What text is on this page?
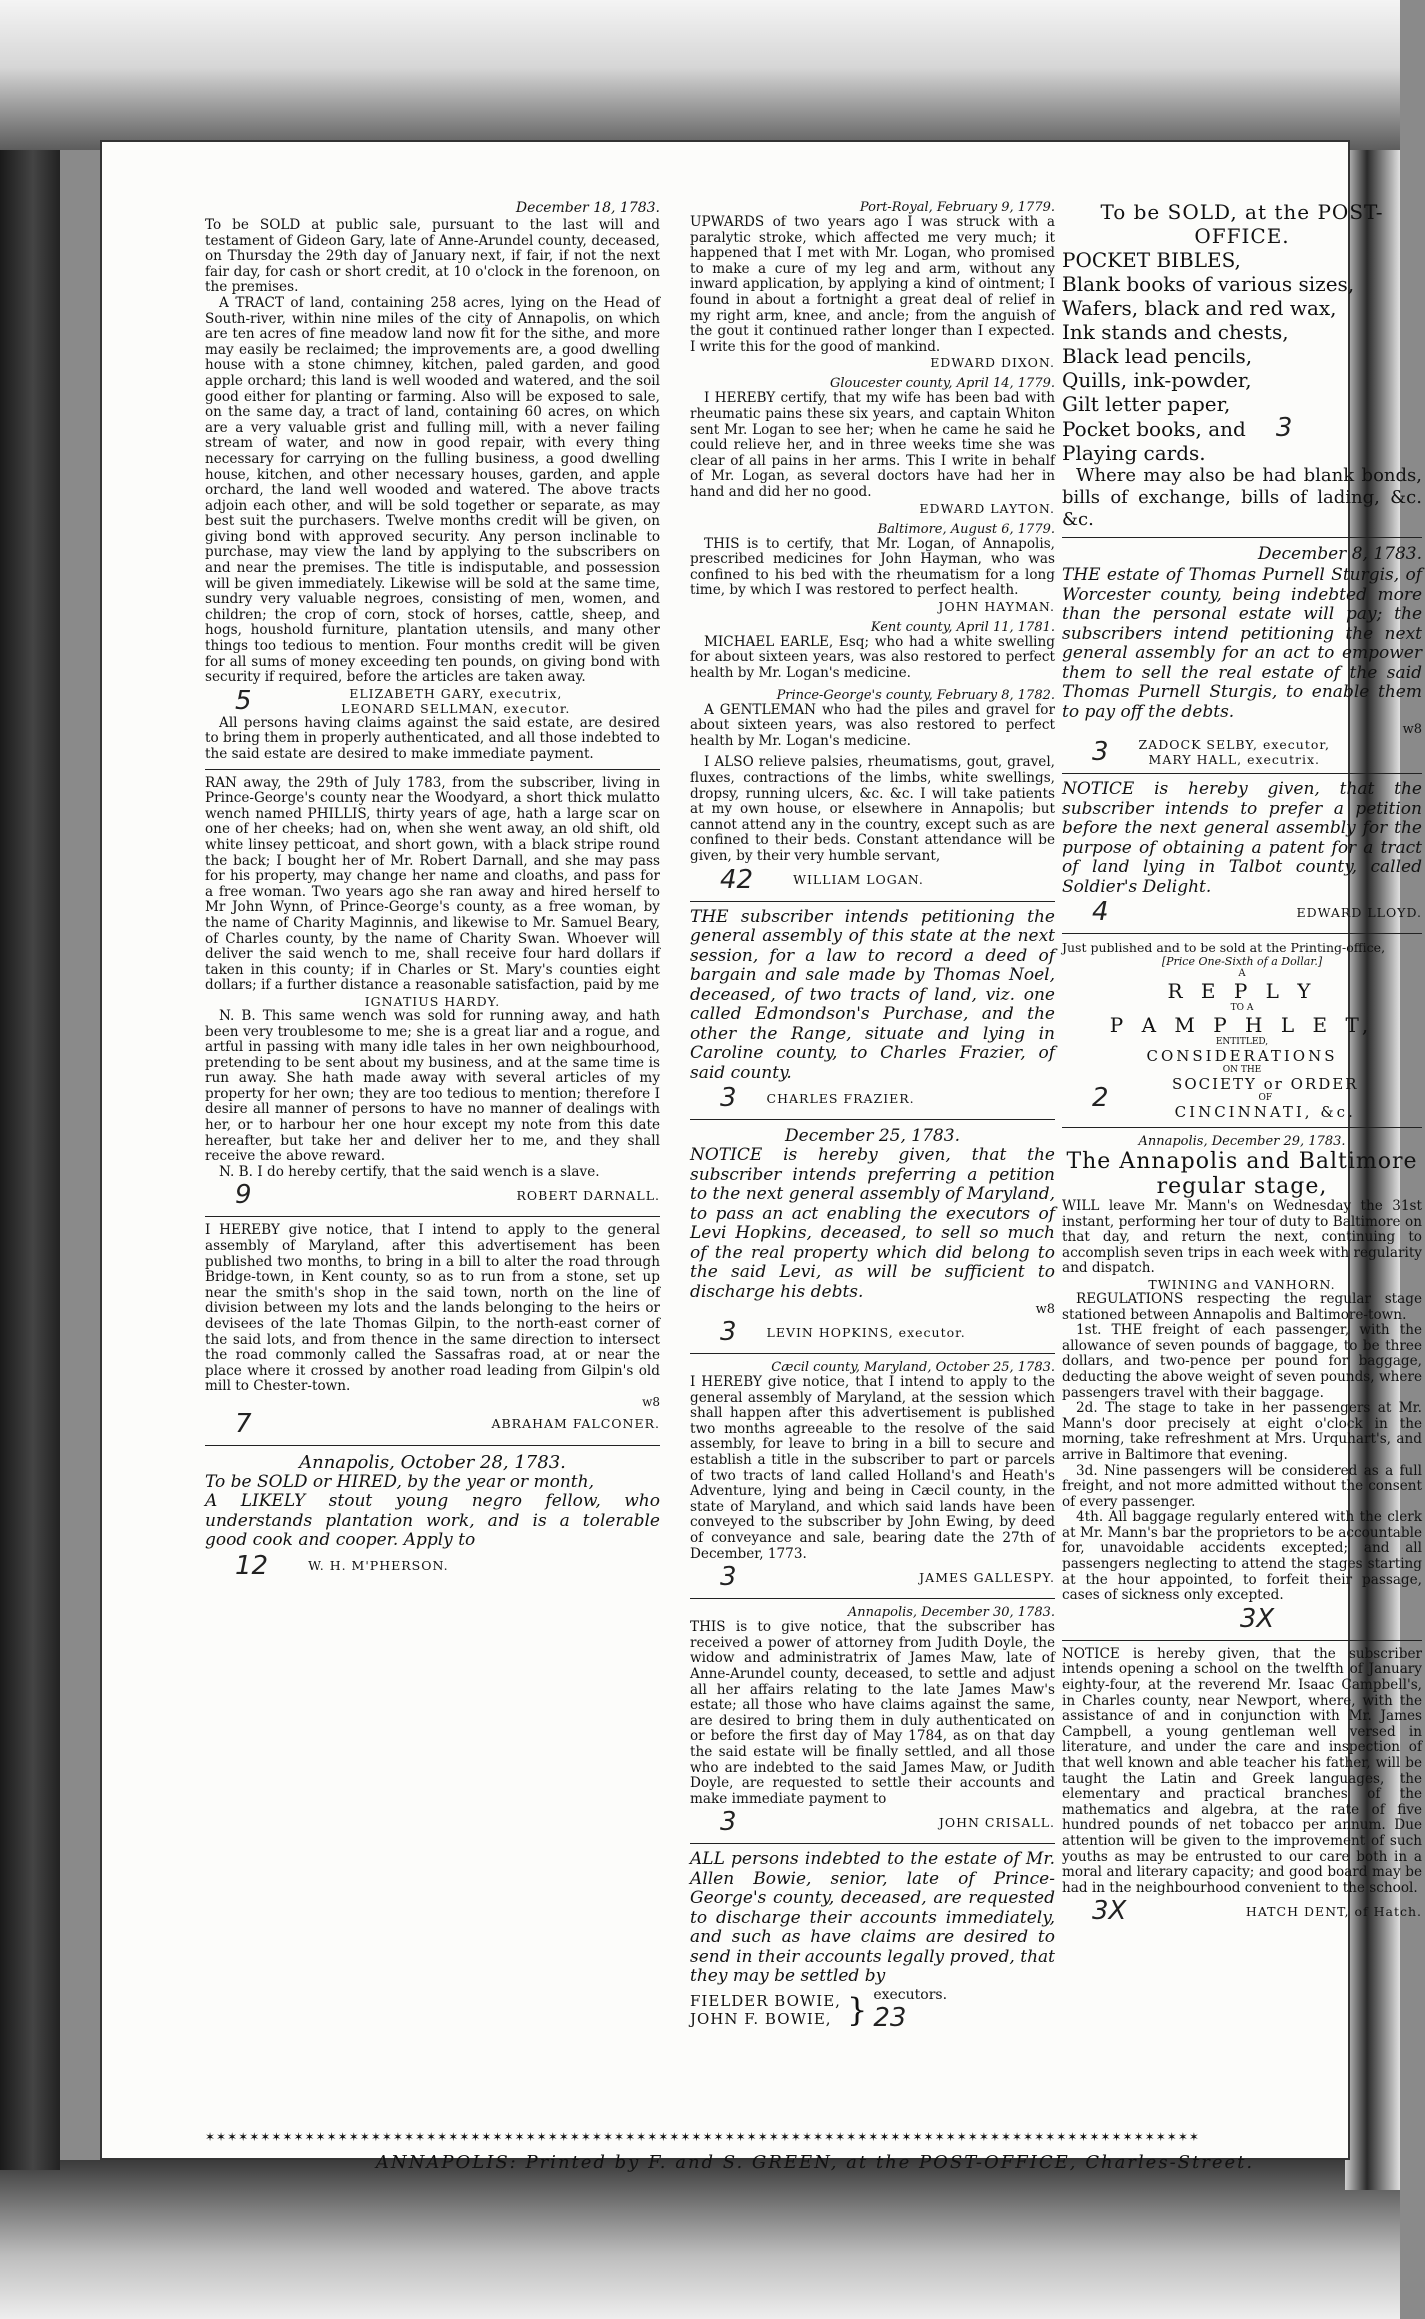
December 18, 1783.

To be SOLD at public sale, pursuant to the last will and testament of Gideon Gary, late of Anne-Arundel county, deceased, on Thursday the 29th day of January next, if fair, if not the next fair day, for cash or short credit, at 10 o'clock in the forenoon, on the premises.

A TRACT of land, containing 258 acres, lying on the Head of South-river, within nine miles of the city of Annapolis, on which are ten acres of fine meadow land now fit for the sithe, and more may easily be reclaimed; the improvements are, a good dwelling house with a stone chimney, kitchen, paled garden, and good apple orchard; this land is well wooded and watered, and the soil good either for planting or farming. Also will be exposed to sale, on the same day, a tract of land, containing 60 acres, on which are a very valuable grist and fulling mill, with a never failing stream of water, and now in good repair, with every thing necessary for carrying on the fulling business, a good dwelling house, kitchen, and other necessary houses, garden, and apple orchard, the land well wooded and watered. The above tracts adjoin each other, and will be sold together or separate, as may best suit the purchasers. Twelve months credit will be given, on giving bond with approved security. Any person inclinable to purchase, may view the land by applying to the subscribers on and near the premises. The title is indisputable, and possession will be given immediately. Likewise will be sold at the same time, sundry very valuable negroes, consisting of men, women, and children; the crop of corn, stock of horses, cattle, sheep, and hogs, houshold furniture, plantation utensils, and many other things too tedious to mention. Four months credit will be given for all sums of money exceeding ten pounds, on giving bond with security if required, before the articles are taken away.

5	ELIZABETH GARY, executrix,
LEONARD SELLMAN, executor.

All persons having claims against the said estate, are desired to bring them in properly authenticated, and all those indebted to the said estate are desired to make immediate payment.

RAN away, the 29th of July 1783, from the subscriber, living in Prince-George's county near the Woodyard, a short thick mulatto wench named PHILLIS, thirty years of age, hath a large scar on one of her cheeks; had on, when she went away, an old shift, old white linsey petticoat, and short gown, with a black stripe round the back; I bought her of Mr. Robert Darnall, and she may pass for his property, may change her name and cloaths, and pass for a free woman. Two years ago she ran away and hired herself to Mr John Wynn, of Prince-George's county, as a free woman, by the name of Charity Maginnis, and likewise to Mr. Samuel Beary, of Charles county, by the name of Charity Swan. Whoever will deliver the said wench to me, shall receive four hard dollars if taken in this county; if in Charles or St. Mary's counties eight dollars; if a further distance a reasonable satisfaction, paid by me

IGNATIUS HARDY.

N. B. This same wench was sold for running away, and hath been very troublesome to me; she is a great liar and a rogue, and artful in passing with many idle tales in her own neighbourhood, pretending to be sent about my business, and at the same time is run away. She hath made away with several articles of my property for her own; they are too tedious to mention; therefore I desire all manner of persons to have no manner of dealings with her, or to harbour her one hour except my note from this date hereafter, but take her and deliver her to me, and they shall receive the above reward.

N. B. I do hereby certify, that the said wench is a slave.

9	ROBERT DARNALL.

I HEREBY give notice, that I intend to apply to the general assembly of Maryland, after this advertisement has been published two months, to bring in a bill to alter the road through Bridge-town, in Kent county, so as to run from a stone, set up near the smith's shop in the said town, north on the line of division between my lots and the lands belonging to the heirs or devisees of the late Thomas Gilpin, to the north-east corner of the said lots, and from thence in the same direction to intersect the road commonly called the Sassafras road, at or near the place where it crossed by another road leading from Gilpin's old mill to Chester-town.

w8
7	ABRAHAM FALCONER.
Annapolis, October 28, 1783.

To be SOLD or HIRED, by the year or month,

A LIKELY stout young negro fellow, who understands plantation work, and is a tolerable good cook and cooper. Apply to

12	W. H. M'PHERSON.
Port-Royal, February 9, 1779.

UPWARDS of two years ago I was struck with a paralytic stroke, which affected me very much; it happened that I met with Mr. Logan, who promised to make a cure of my leg and arm, without any inward application, by applying a kind of ointment; I found in about a fortnight a great deal of relief in my right arm, knee, and ancle; from the anguish of the gout it continued rather longer than I expected. I write this for the good of mankind.

EDWARD DIXON.
Gloucester county, April 14, 1779.

I HEREBY certify, that my wife has been bad with rheumatic pains these six years, and captain Whiton sent Mr. Logan to see her; when he came he said he could relieve her, and in three weeks time she was clear of all pains in her arms. This I write in behalf of Mr. Logan, as several doctors have had her in hand and did her no good.

EDWARD LAYTON.
Baltimore, August 6, 1779.

THIS is to certify, that Mr. Logan, of Annapolis, prescribed medicines for John Hayman, who was confined to his bed with the rheumatism for a long time, by which I was restored to perfect health.

JOHN HAYMAN.
Kent county, April 11, 1781.

MICHAEL EARLE, Esq; who had a white swelling for about sixteen years, was also restored to perfect health by Mr. Logan's medicine.

Prince-George's county, February 8, 1782.

A GENTLEMAN who had the piles and gravel for about sixteen years, was also restored to perfect health by Mr. Logan's medicine.

I ALSO relieve palsies, rheumatisms, gout, gravel, fluxes, contractions of the limbs, white swellings, dropsy, running ulcers, &c. &c. I will take patients at my own house, or elsewhere in Annapolis; but cannot attend any in the country, except such as are confined to their beds. Constant attendance will be given, by their very humble servant,

42	WILLIAM LOGAN.

THE subscriber intends petitioning the general assembly of this state at the next session, for a law to record a deed of bargain and sale made by Thomas Noel, deceased, of two tracts of land, viz. one called Edmondson's Purchase, and the other the Range, situate and lying in Caroline county, to Charles Frazier, of said county.

3 CHARLES FRAZIER.
December 25, 1783.

NOTICE is hereby given, that the subscriber intends preferring a petition to the next general assembly of Maryland, to pass an act enabling the executors of Levi Hopkins, deceased, to sell so much of the real property which did belong to the said Levi, as will be sufficient to discharge his debts.

w8
3 LEVIN HOPKINS, executor.
Cæcil county, Maryland, October 25, 1783.

I HEREBY give notice, that I intend to apply to the general assembly of Maryland, at the session which shall happen after this advertisement is published two months agreeable to the resolve of the said assembly, for leave to bring in a bill to secure and establish a title in the subscriber to part or parcels of two tracts of land called Holland's and Heath's Adventure, lying and being in Cæcil county, in the state of Maryland, and which said lands have been conveyed to the subscriber by John Ewing, by deed of conveyance and sale, bearing date the 27th of December, 1773.

3	JAMES GALLESPY.
Annapolis, December 30, 1783.

THIS is to give notice, that the subscriber has received a power of attorney from Judith Doyle, the widow and administratrix of James Maw, late of Anne-Arundel county, deceased, to settle and adjust all her affairs relating to the late James Maw's estate; all those who have claims against the same, are desired to bring them in duly authenticated on or before the first day of May 1784, as on that day the said estate will be finally settled, and all those who are indebted to the said James Maw, or Judith Doyle, are requested to settle their accounts and make immediate payment to

3	JOHN CRISALL.

ALL persons indebted to the estate of Mr. Allen Bowie, senior, late of Prince-George's county, deceased, are requested to discharge their accounts immediately, and such as have claims are desired to send in their accounts legally proved, that they may be settled by

FIELDER BOWIE,
JOHN F. BOWIE, } executors.
23
To be SOLD, at the POST-OFFICE.
POCKET BIBLES,
Blank books of various sizes,
Wafers, black and red wax,
Ink stands and chests,
Black lead pencils,
Quills, ink-powder,
Gilt letter paper,
Pocket books, and 3
Playing cards.

Where may also be had blank bonds, bills of exchange, bills of lading, &c. &c.

December 8, 1783.

THE estate of Thomas Purnell Sturgis, of Worcester county, being indebted more than the personal estate will pay; the subscribers intend petitioning the next general assembly for an act to empower them to sell the real estate of the said Thomas Purnell Sturgis, to enable them to pay off the debts.

w8
3 ZADOCK SELBY, executor,
MARY HALL, executrix.

NOTICE is hereby given, that the subscriber intends to prefer a petition before the next general assembly for the purpose of obtaining a patent for a tract of land lying in Talbot county, called Soldier's Delight.

4	EDWARD LLOYD.
Just published and to be sold at the Printing-office,
[Price One-Sixth of a Dollar.]
A
R E P L Y
TO A
P A M P H L E T,
ENTITLED,
CONSIDERATIONS
ON THE
2	SOCIETY or ORDER
OF
CINCINNATI, &c.
Annapolis, December 29, 1783.
The Annapolis and Baltimore regular stage,

WILL leave Mr. Mann's on Wednesday the 31st instant, performing her tour of duty to Baltimore on that day, and return the next, continuing to accomplish seven trips in each week with regularity and dispatch.

TWINING and VANHORN.

REGULATIONS respecting the regular stage stationed between Annapolis and Baltimore-town.

1st. THE freight of each passenger, with the allowance of seven pounds of baggage, to be three dollars, and two-pence per pound for baggage, deducting the above weight of seven pounds, where passengers travel with their baggage.

2d. The stage to take in her passengers at Mr. Mann's door precisely at eight o'clock in the morning, take refreshment at Mrs. Urquhart's, and arrive in Baltimore that evening.

3d. Nine passengers will be considered as a full freight, and not more admitted without the consent of every passenger.

4th. All baggage regularly entered with the clerk at Mr. Mann's bar the proprietors to be accountable for, unavoidable accidents excepted; and all passengers neglecting to attend the stages starting at the hour appointed, to forfeit their passage, cases of sickness only excepted.

3X

NOTICE is hereby given, that the subscriber intends opening a school on the twelfth of January eighty-four, at the reverend Mr. Isaac Campbell's, in Charles county, near Newport, where, with the assistance of and in conjunction with Mr. James Campbell, a young gentleman well versed in literature, and under the care and inspection of that well known and able teacher his father, will be taught the Latin and Greek languages, the elementary and practical branches of the mathematics and algebra, at the rate of five hundred pounds of net tobacco per annum. Due attention will be given to the improvement of such youths as may be entrusted to our care both in a moral and literary capacity; and good board may be had in the neighbourhood convenient to the school.

3X	HATCH DENT, of Hatch.
✶✶✶✶✶✶✶✶✶✶✶✶✶✶✶✶✶✶✶✶✶✶✶✶✶✶✶✶✶✶✶✶✶✶✶✶✶✶✶✶✶✶✶✶✶✶✶✶✶✶✶✶✶✶✶✶✶✶✶✶✶✶✶✶✶✶✶✶✶✶✶✶✶✶✶✶✶✶✶✶✶✶✶✶✶✶✶✶✶✶
ANNAPOLIS: Printed by F. and S. GREEN, at the POST-OFFICE, Charles-Street.
